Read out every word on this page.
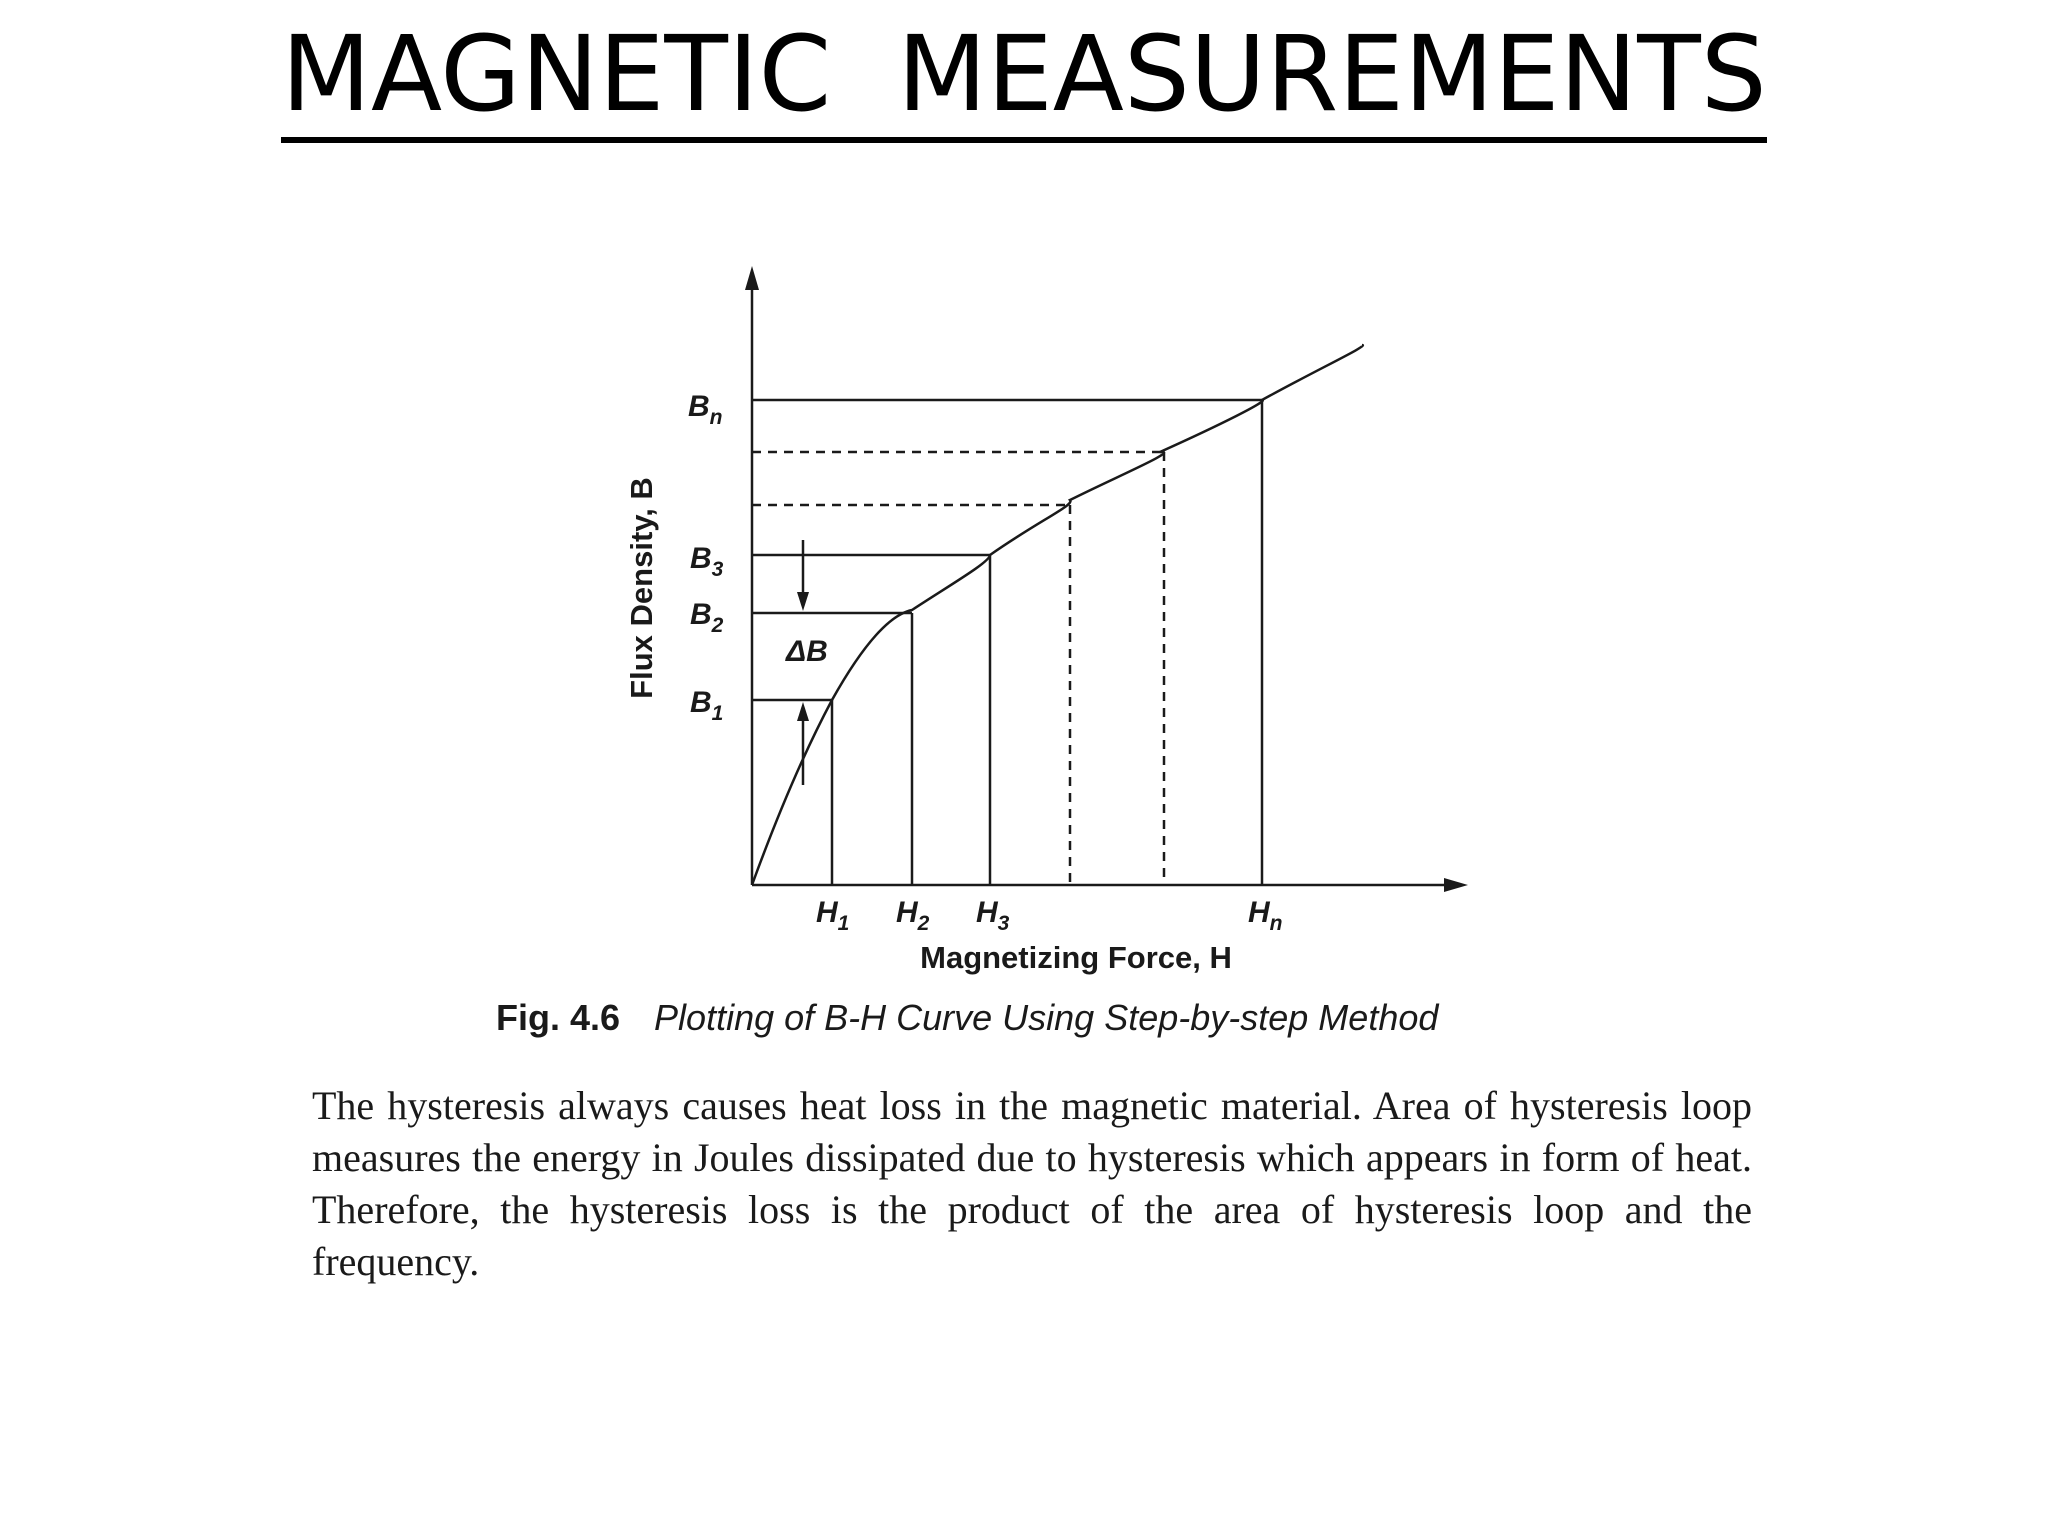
MAGNETIC  MEASUREMENTS
$B_n$
$B_3$
$B_2$
$B_1$
ΔB
$H_1$ $H_2$ $H_3$	$H_n$
Magnetizing Force, H
Flux Density, B
Fig. 4.6 Plotting of B-H Curve Using Step-by-step Method
The hysteresis always causes heat loss in the magnetic material. Area of hysteresis loop measures the energy in Joules dissipated due to hysteresis which appears in form of heat. Therefore, the hysteresis loss is the product of the area of hysteresis loop and the frequency.
